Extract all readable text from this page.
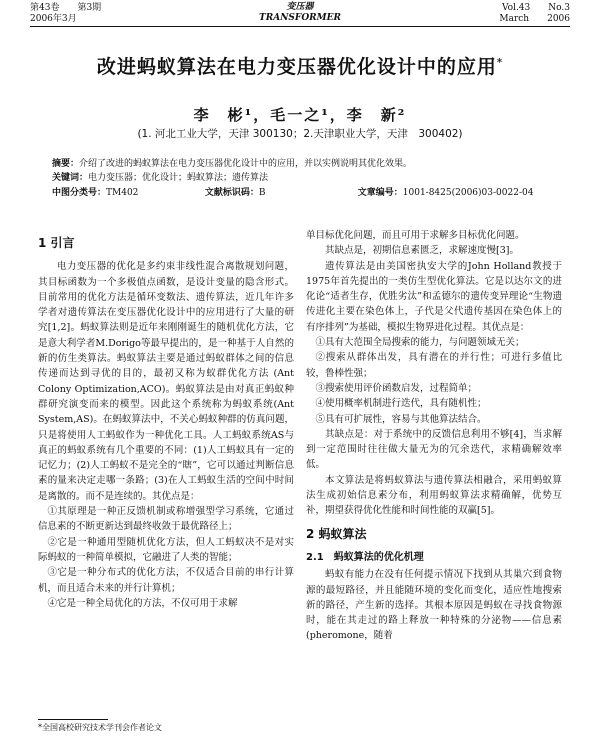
第43卷 第3期
2006年3月
变压器
TRANSFORMER
Vol.43 No.3
March 2006
改进蚂蚁算法在电力变压器优化设计中的应用*
李　彬¹，毛一之¹，李　新²
(1. 河北工业大学，天津 300130；2.天津职业大学，天津　300402)
摘要：介绍了改进的蚂蚁算法在电力变压器优化设计中的应用，并以实例说明其优化效果。
关键词：电力变压器；优化设计；蚂蚁算法；遗传算法
中图分类号：TM402	文献标识码：B	文章编号：1001-8425(2006)03-0022-04
1 引言

电力变压器的优化是多约束非线性混合离散规划问题，其目标函数为一个多极值点函数，是设计变量的隐含形式。目前常用的优化方法是循环变数法、遗传算法，近几年许多学者对遗传算法在变压器优化设计中的应用进行了大量的研究[1,2]。蚂蚁算法则是近年来刚刚诞生的随机优化方法，它是意大利学者M.Dorigo等最早提出的，是一种基于人自然的新的仿生类算法。蚂蚁算法主要是通过蚂蚁群体之间的信息传递而达到寻优的目的，最初又称为蚁群优化方法 (Ant Colony Optimization,ACO)。蚂蚁算法是由对真正蚂蚁种群研究演变而来的模型。因此这个系统称为蚂蚁系统(Ant System,AS)。在蚂蚁算法中，不关心蚂蚁种群的仿真问题，只是将使用人工蚂蚁作为一种优化工具。人工蚂蚁系统AS与真正的蚂蚁系统有几个重要的不同：(1)人工蚂蚁具有一定的记忆力；(2)人工蚂蚁不是完全的“瞎”，它可以通过判断信息素的量来决定走哪一条路；(3)在人工蚂蚁生活的空间中时间是离散的。而不是连续的。其优点是：

①其原理是一种正反馈机制或称增强型学习系统，它通过信息素的不断更新达到最终收敛于最优路径上；

②它是一种通用型随机优化方法，但人工蚂蚁决不是对实际蚂蚁的一种简单模拟，它融进了人类的智能；

③它是一种分布式的优化方法，不仅适合目前的串行计算机，而且适合未来的并行计算机；

④它是一种全局优化的方法，不仅可用于求解

单目标优化问题，而且可用于求解多目标优化问题。

其缺点是，初期信息素匮乏，求解速度慢[3]。

遗传算法是由美国密执安大学的John Holland教授于1975年首先提出的一类仿生型优化算法。它是以达尔文的进化论“适者生存，优胜劣汰”和孟德尔的遗传变异理论“生物遗传进化主要在染色体上，子代是父代遗传基因在染色体上的有序排列”为基础，模拟生物界进化过程。其优点是：

①具有大范围全局搜索的能力，与问题领域无关；

②搜索从群体出发，具有潜在的并行性；可进行多值比较，鲁棒性强；

③搜索使用评价函数启发，过程简单；

④使用概率机制进行迭代，具有随机性；

⑤具有可扩展性，容易与其他算法结合。

其缺点是：对于系统中的反馈信息利用不够[4]，当求解到一定范围时往往做大量无为的冗余迭代，求精确解效率低。

本文算法是将蚂蚁算法与遗传算法相融合，采用蚂蚁算法生成初始信息素分布，利用蚂蚁算法求精确解，优势互补，期望获得优化性能和时间性能的双赢[5]。

2 蚂蚁算法
2.1　蚂蚁算法的优化机理

蚂蚁有能力在没有任何提示情况下找到从其巢穴到食物源的最短路径，并且能随环境的变化而变化，适应性地搜索新的路径，产生新的选择。其根本原因是蚂蚁在寻找食物源时，能在其走过的路上释放一种特殊的分泌物——信息素(pheromone，随着

*全国高校研究技术学刊会作者论文
